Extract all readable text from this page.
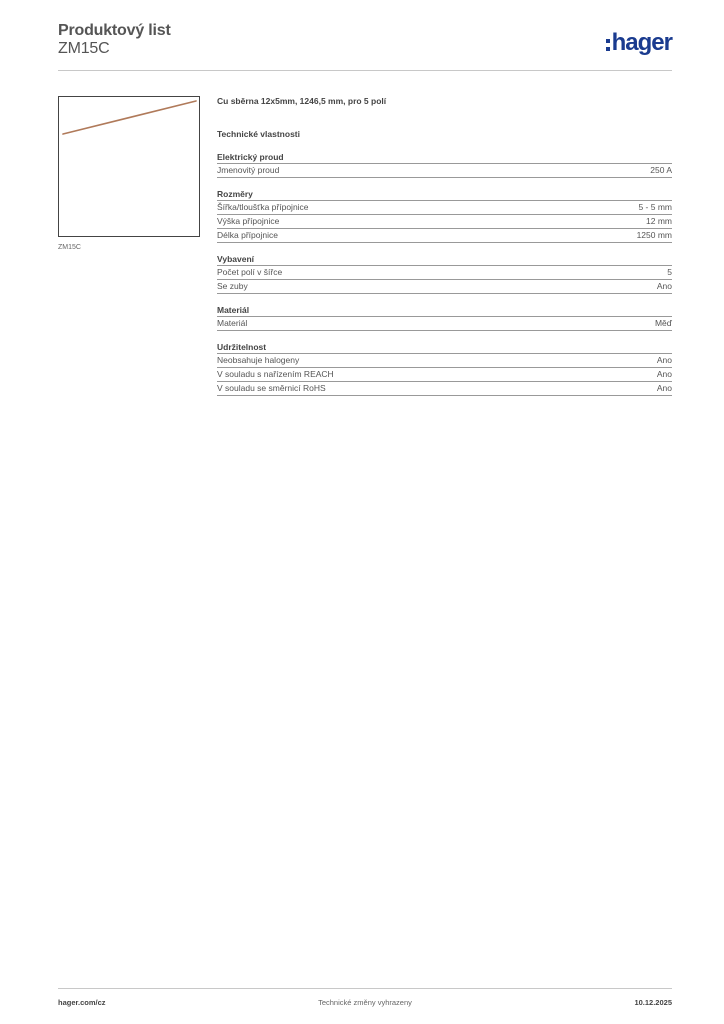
Produktový list
ZM15C	hager
ZM15C
Cu sběrna 12x5mm, 1246,5 mm, pro 5 polí
Technické vlastnosti
Elektrický proud
Jmenovitý proud	250 A
Rozměry
Šířka/tloušťka přípojnice	5 - 5 mm
Výška přípojnice	12 mm
Délka přípojnice	1250 mm
Vybavení
Počet polí v šířce	5
Se zuby	Ano
Materiál
Materiál	Měď
Udržitelnost
Neobsahuje halogeny	Ano
V souladu s nařízením REACH	Ano
V souladu se směrnicí RoHS	Ano
hager.com/cz	Technické změny vyhrazeny	10.12.2025
